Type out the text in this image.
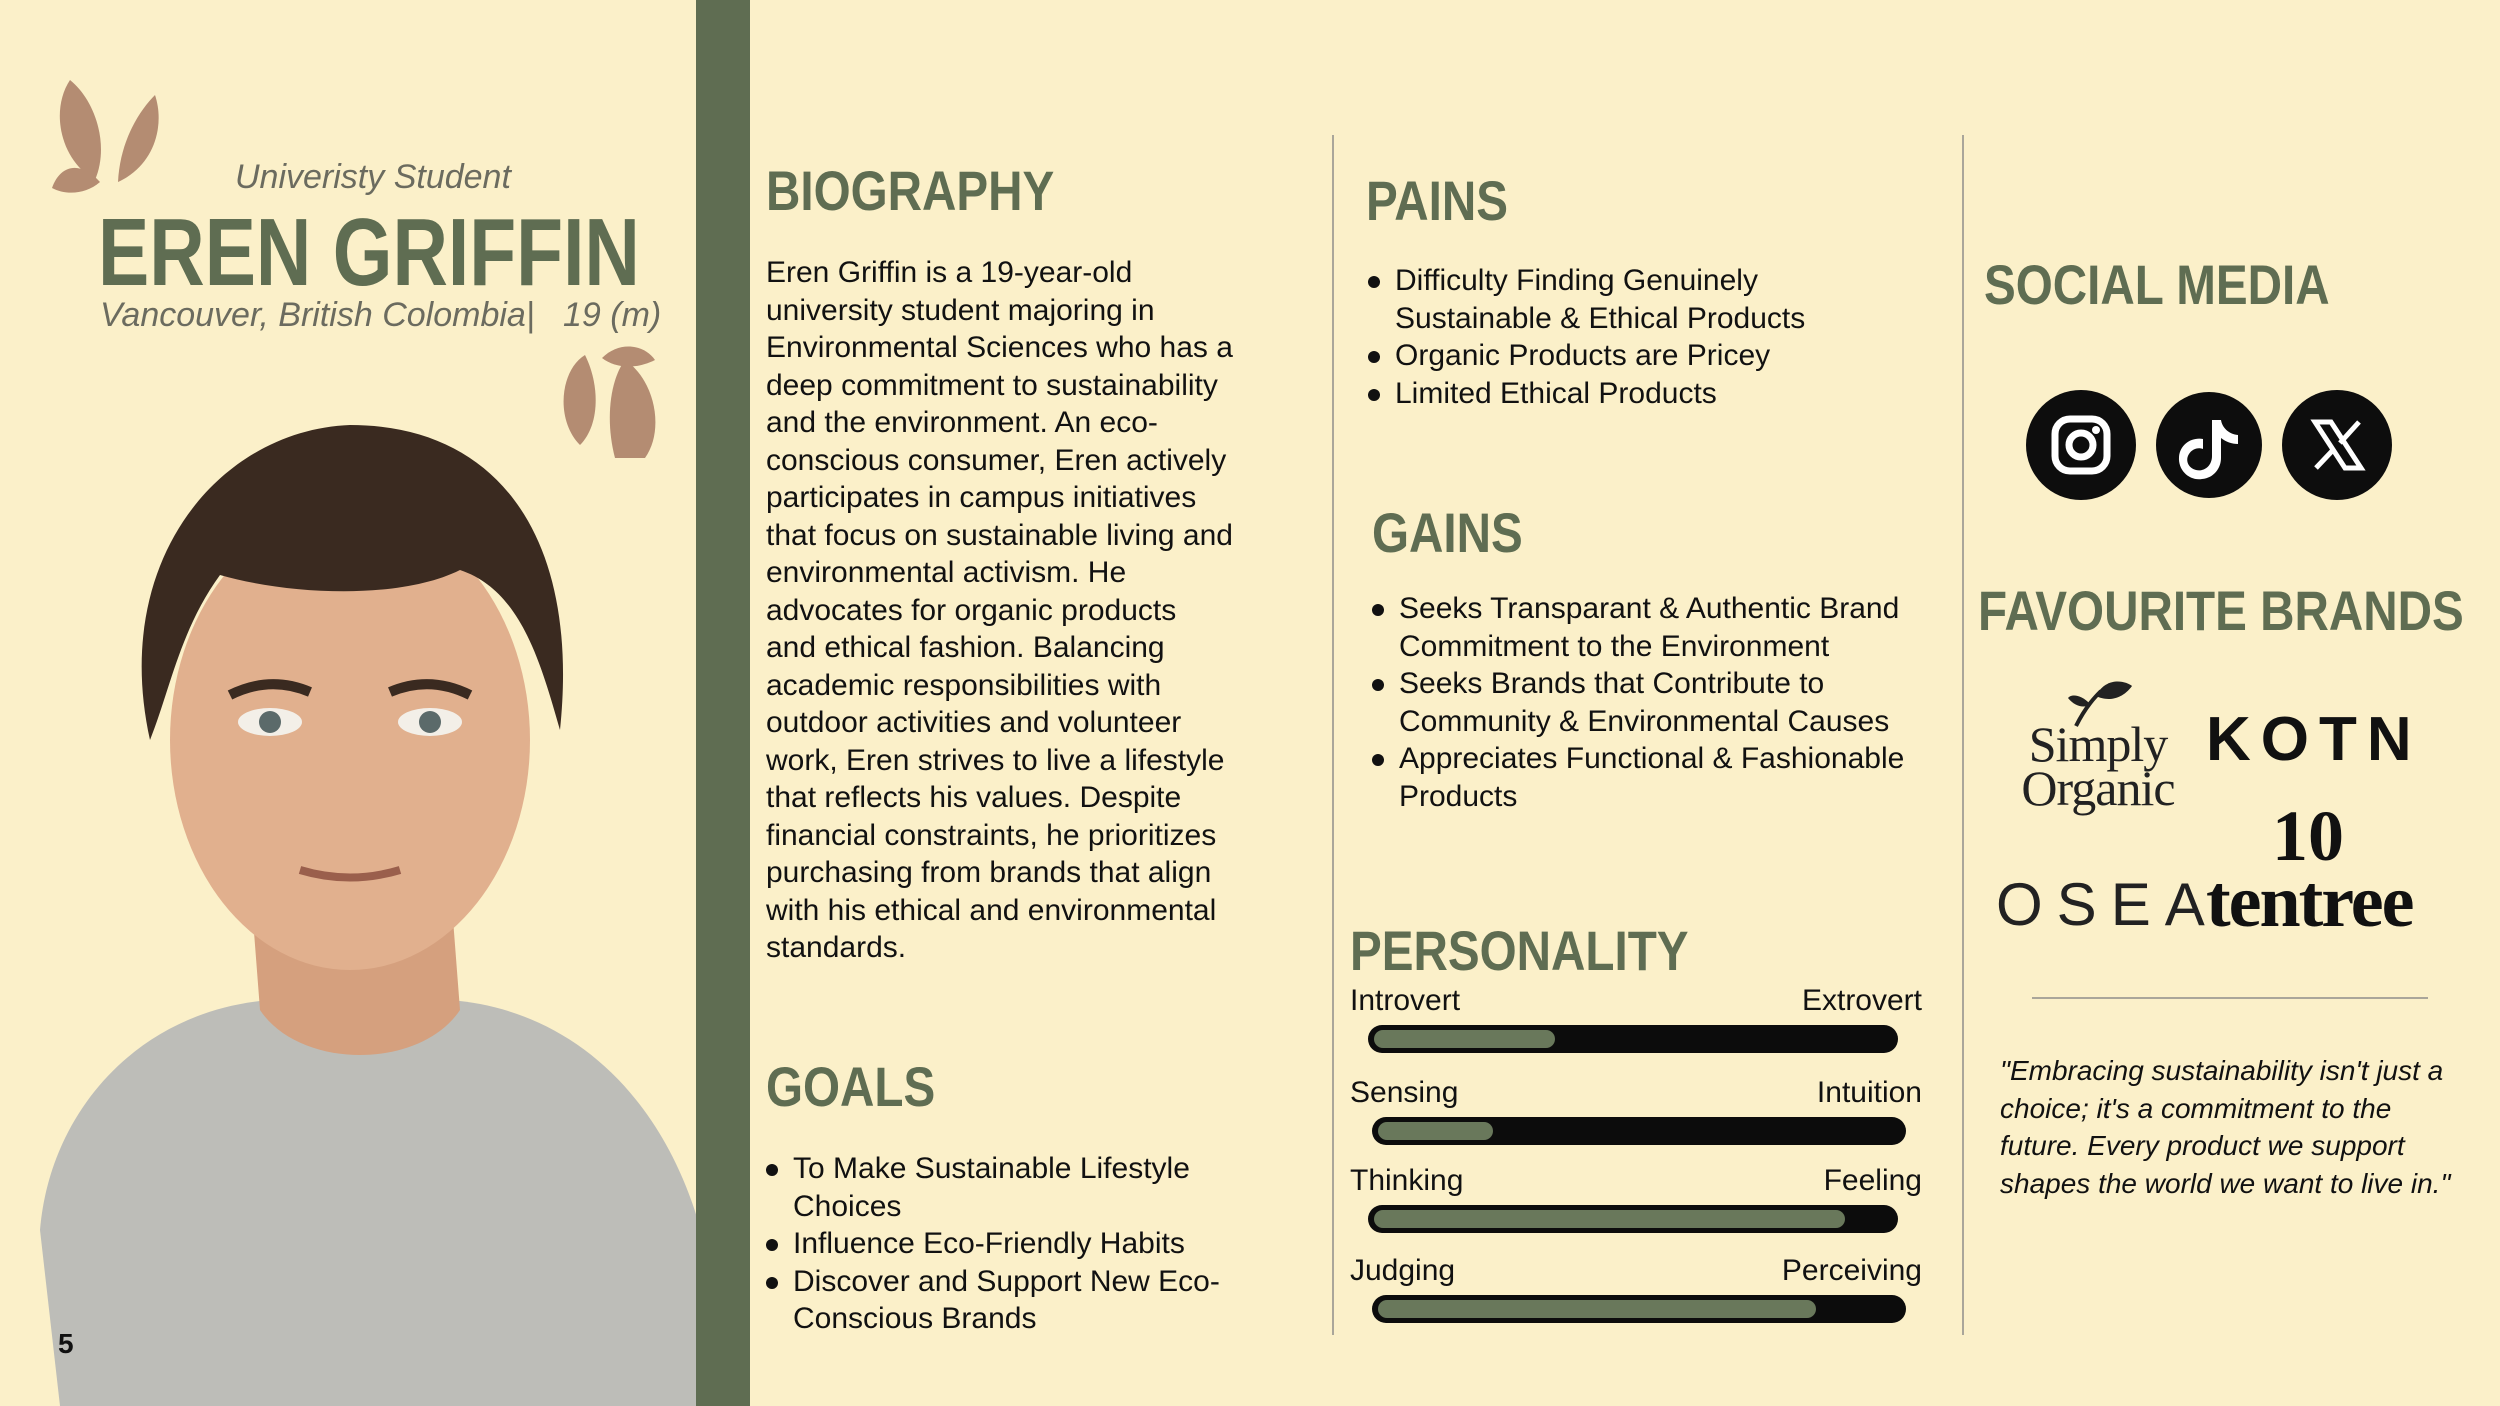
Univeristy Student
EREN GRIFFIN
Vancouver, British Colombia|   19 (m)
5
BIOGRAPHY
Eren Griffin is a 19-year-old university student majoring in Environmental Sciences who has a deep commitment to sustainability and the environment. An eco-conscious consumer, Eren actively participates in campus initiatives that focus on sustainable living and environmental activism. He advocates for organic products and ethical fashion. Balancing academic responsibilities with outdoor activities and volunteer work, Eren strives to live a lifestyle that reflects his values. Despite financial constraints, he prioritizes purchasing from brands that align with his ethical and environmental standards.
GOALS
To Make Sustainable Lifestyle Choices
Influence Eco-Friendly Habits
Discover and Support New Eco-Conscious Brands
PAINS
Difficulty Finding Genuinely Sustainable & Ethical Products
Organic Products are Pricey
Limited Ethical Products
GAINS
Seeks Transparant & Authentic Brand Commitment to the Environment
Seeks Brands that Contribute to Community & Environmental Causes
Appreciates Functional & Fashionable Products
PERSONALITY
Introvert	Extrovert
Sensing	Intuition
Thinking	Feeling
Judging	Perceiving
SOCIAL MEDIA
FAVOURITE BRANDS
Simply
Organic
KOTN
OSEA
10
tentree
"Embracing sustainability isn't just a choice; it's a commitment to the future. Every product we support shapes the world we want to live in."
